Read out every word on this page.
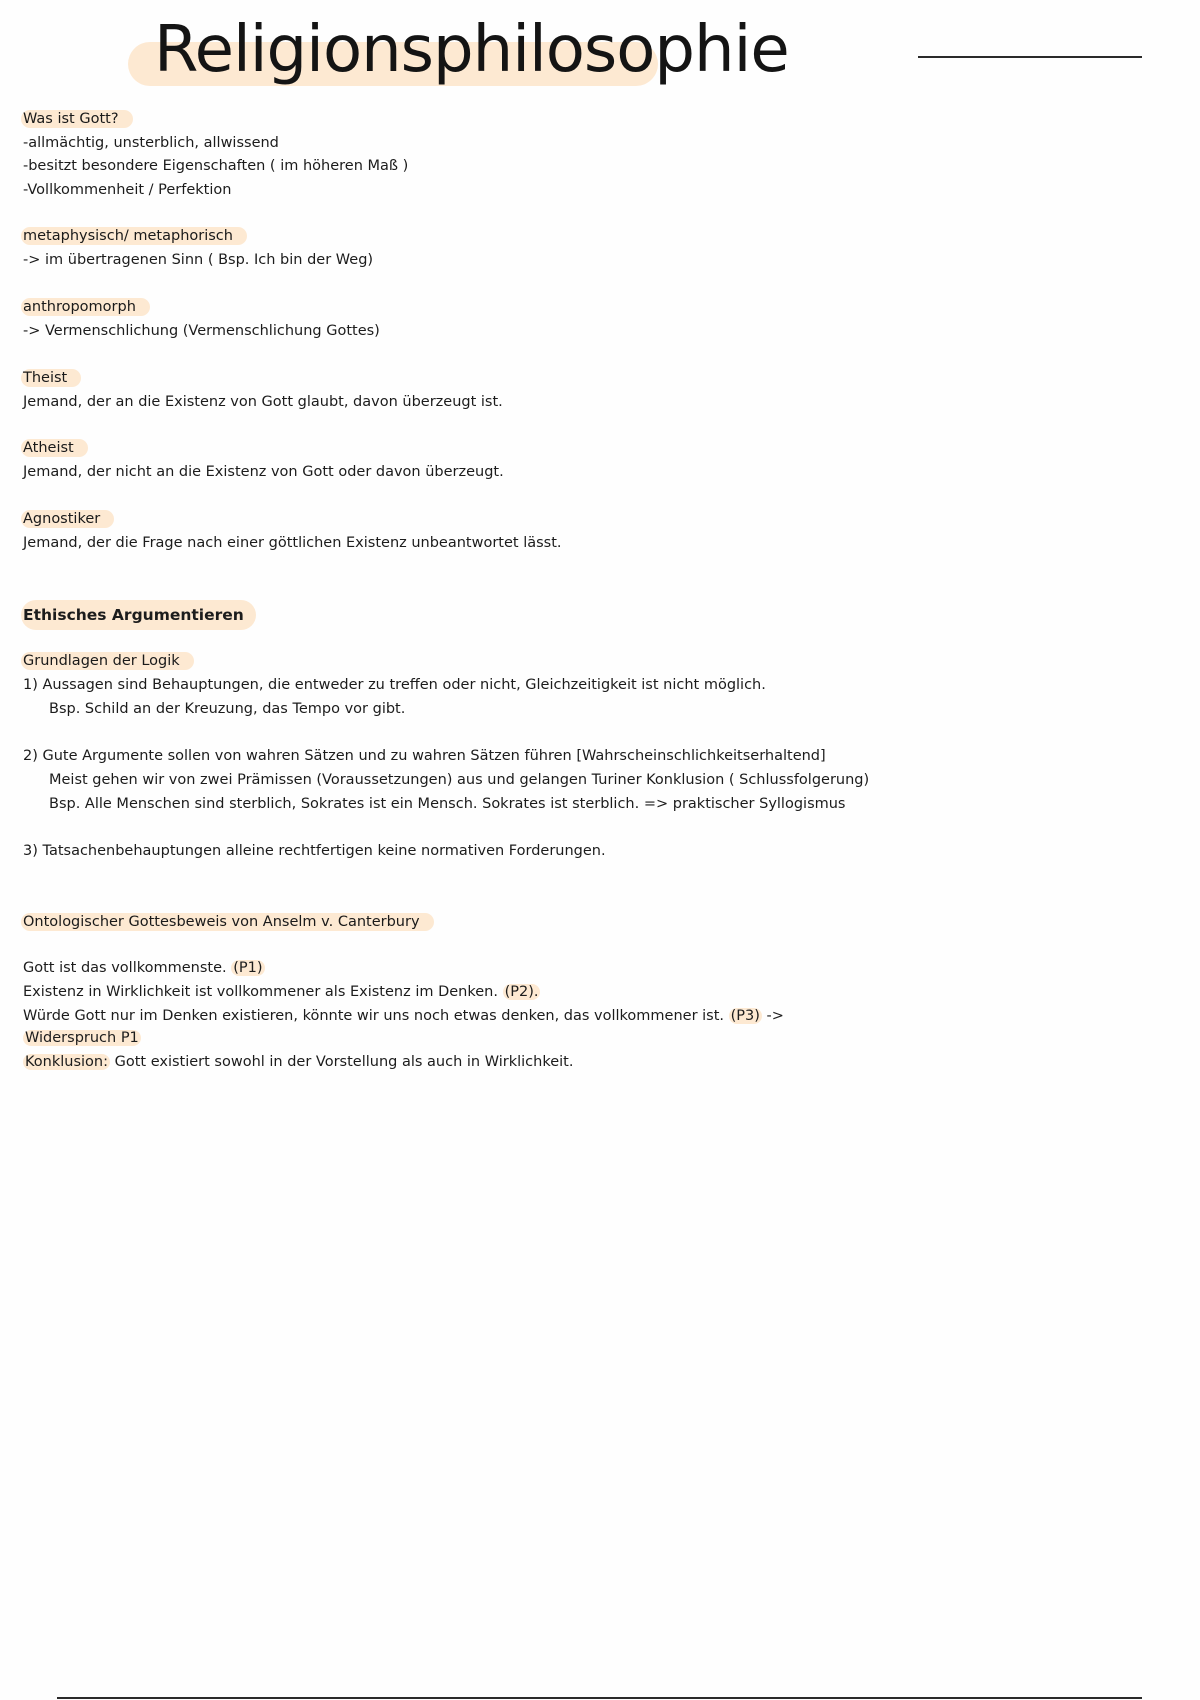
Religionsphilosophie

Was ist Gott?

-allmächtig, unsterblich, allwissend

-besitzt besondere Eigenschaften ( im höheren Maß )

-Vollkommenheit / Perfektion

metaphysisch/ metaphorisch

-> im übertragenen Sinn ( Bsp. Ich bin der Weg)

anthropomorph

-> Vermenschlichung (Vermenschlichung Gottes)

Theist

Jemand, der an die Existenz von Gott glaubt, davon überzeugt ist.

Atheist

Jemand, der nicht an die Existenz von Gott oder davon überzeugt.

Agnostiker

Jemand, der die Frage nach einer göttlichen Existenz unbeantwortet lässt.

Ethisches Argumentieren

Grundlagen der Logik

1) Aussagen sind Behauptungen, die entweder zu treffen oder nicht, Gleichzeitigkeit ist nicht möglich.

Bsp. Schild an der Kreuzung, das Tempo vor gibt.

2) Gute Argumente sollen von wahren Sätzen und zu wahren Sätzen führen [Wahrscheinschlichkeitserhaltend]

Meist gehen wir von zwei Prämissen (Voraussetzungen) aus und gelangen Turiner Konklusion ( Schlussfolgerung)

Bsp. Alle Menschen sind sterblich, Sokrates ist ein Mensch. Sokrates ist sterblich. => praktischer Syllogismus

3) Tatsachenbehauptungen alleine rechtfertigen keine normativen Forderungen.

Ontologischer Gottesbeweis von Anselm v. Canterbury

Gott ist das vollkommenste. (P1)

Existenz in Wirklichkeit ist vollkommener als Existenz im Denken. (P2).

Würde Gott nur im Denken existieren, könnte wir uns noch etwas denken, das vollkommener ist. (P3) ->

Widerspruch P1

Konklusion: Gott existiert sowohl in der Vorstellung als auch in Wirklichkeit.
